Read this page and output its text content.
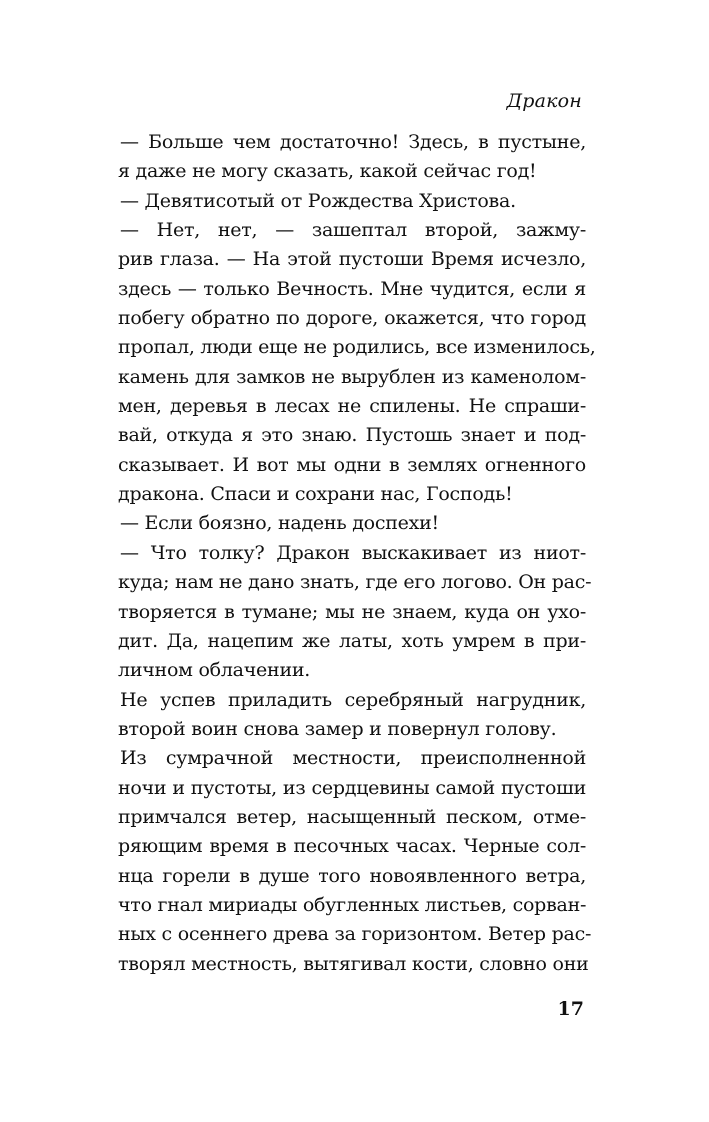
Дракон
— Больше чем достаточно! Здесь, в пустыне,
я даже не могу сказать, какой сейчас год!
— Девятисотый от Рождества Христова.
— Нет, нет, — зашептал второй, зажму-
рив глаза. — На этой пустоши Время исчезло,
здесь — только Вечность. Мне чудится, если я
побегу обратно по дороге, окажется, что город
пропал, люди еще не родились, все изменилось,
камень для замков не вырублен из каменолом-
мен, деревья в лесах не спилены. Не спраши-
вай, откуда я это знаю. Пустошь знает и под-
сказывает. И вот мы одни в землях огненного
дракона. Спаси и сохрани нас, Господь!
— Если боязно, надень доспехи!
— Что толку? Дракон выскакивает из ниот-
куда; нам не дано знать, где его логово. Он рас-
творяется в тумане; мы не знаем, куда он ухо-
дит. Да, нацепим же латы, хоть умрем в при-
личном облачении.
Не успев приладить серебряный нагрудник,
второй воин снова замер и повернул голову.
Из сумрачной местности, преисполненной
ночи и пустоты, из сердцевины самой пустоши
примчался ветер, насыщенный песком, отме-
ряющим время в песочных часах. Черные сол-
нца горели в душе того новоявленного ветра,
что гнал мириады обугленных листьев, сорван-
ных с осеннего древа за горизонтом. Ветер рас-
творял местность, вытягивал кости, словно они
17
